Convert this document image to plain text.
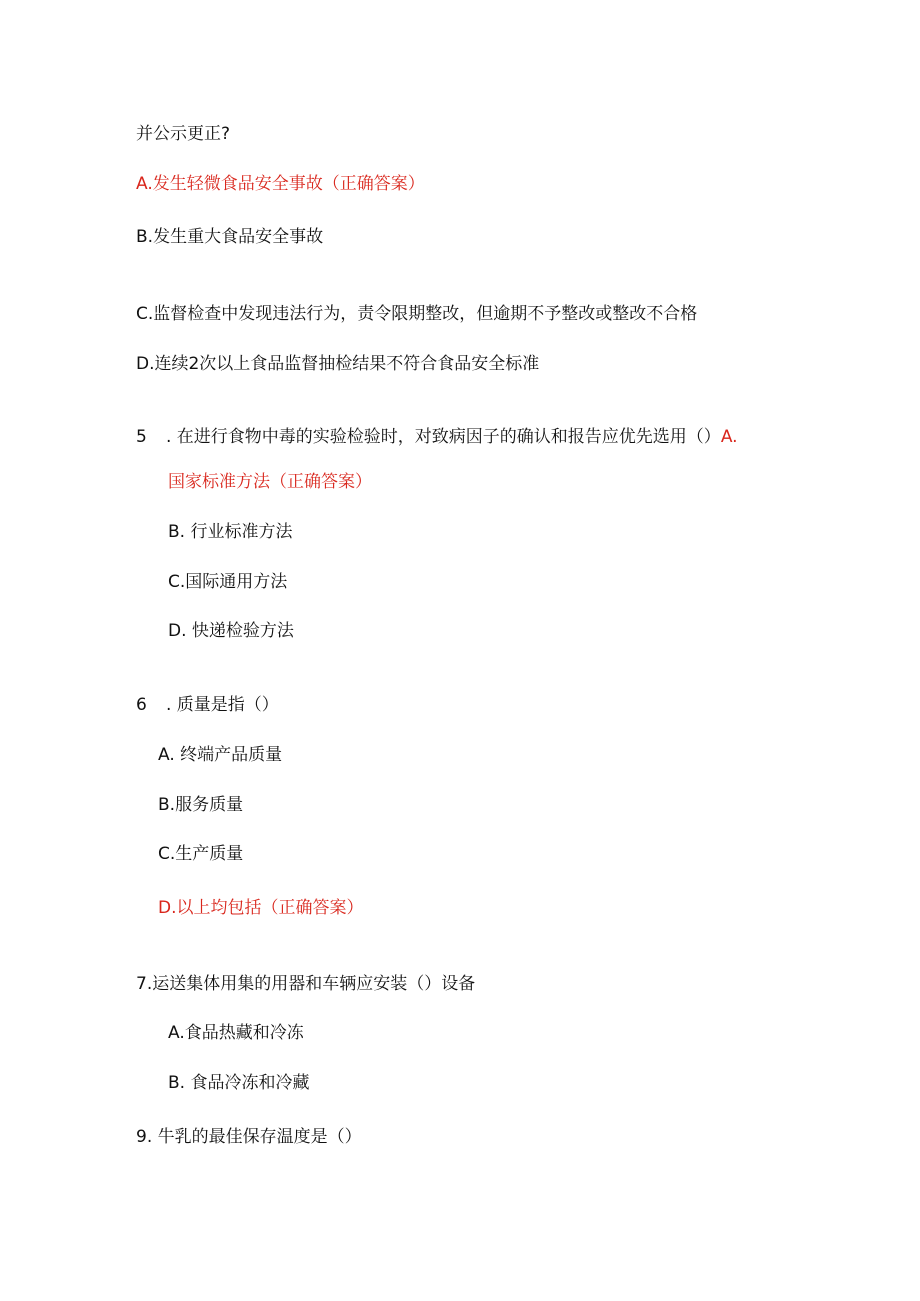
并公示更正?
A.发生轻微食品安全事故（正确答案）
B.发生重大食品安全事故
C.监督检查中发现违法行为，责令限期整改，但逾期不予整改或整改不合格
D.连续2次以上食品监督抽检结果不符合食品安全标准
5 . 在进行食物中毒的实验检验时，对致病因子的确认和报告应优先选用（）A.
国家标准方法（正确答案）
B. 行业标准方法
C.国际通用方法
D. 快递检验方法
6 . 质量是指（）
A. 终端产品质量
B.服务质量
C.生产质量
D.以上均包括（正确答案）
7.运送集体用集的用器和车辆应安装（）设备
A.食品热藏和冷冻
B. 食品冷冻和冷藏
9. 牛乳的最佳保存温度是（）
